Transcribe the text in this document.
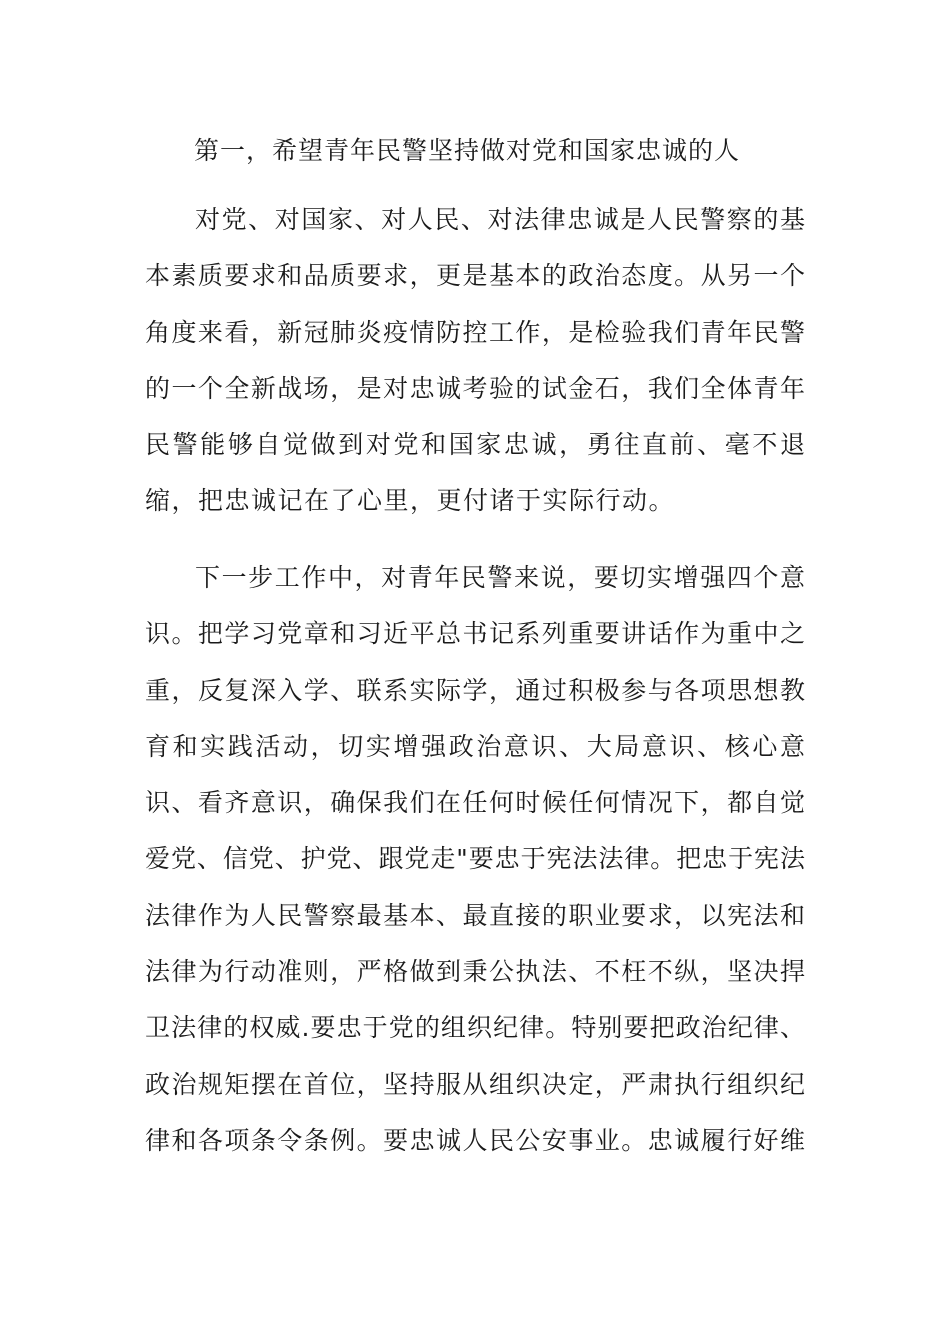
第一，希望青年民警坚持做对党和国家忠诚的人
对党、对国家、对人民、对法律忠诚是人民警察的基
本素质要求和品质要求，更是基本的政治态度。从另一个
角度来看，新冠肺炎疫情防控工作，是检验我们青年民警
的一个全新战场，是对忠诚考验的试金石，我们全体青年
民警能够自觉做到对党和国家忠诚，勇往直前、毫不退
缩，把忠诚记在了心里，更付诸于实际行动。
下一步工作中，对青年民警来说，要切实增强四个意
识。把学习党章和习近平总书记系列重要讲话作为重中之
重，反复深入学、联系实际学，通过积极参与各项思想教
育和实践活动，切实增强政治意识、大局意识、核心意
识、看齐意识，确保我们在任何时候任何情况下，都自觉
爱党、信党、护党、跟党走"要忠于宪法法律。把忠于宪法
法律作为人民警察最基本、最直接的职业要求，以宪法和
法律为行动准则，严格做到秉公执法、不枉不纵，坚决捍
卫法律的权威.要忠于党的组织纪律。特别要把政治纪律、
政治规矩摆在首位，坚持服从组织决定，严肃执行组织纪
律和各项条令条例。要忠诚人民公安事业。忠诚履行好维
